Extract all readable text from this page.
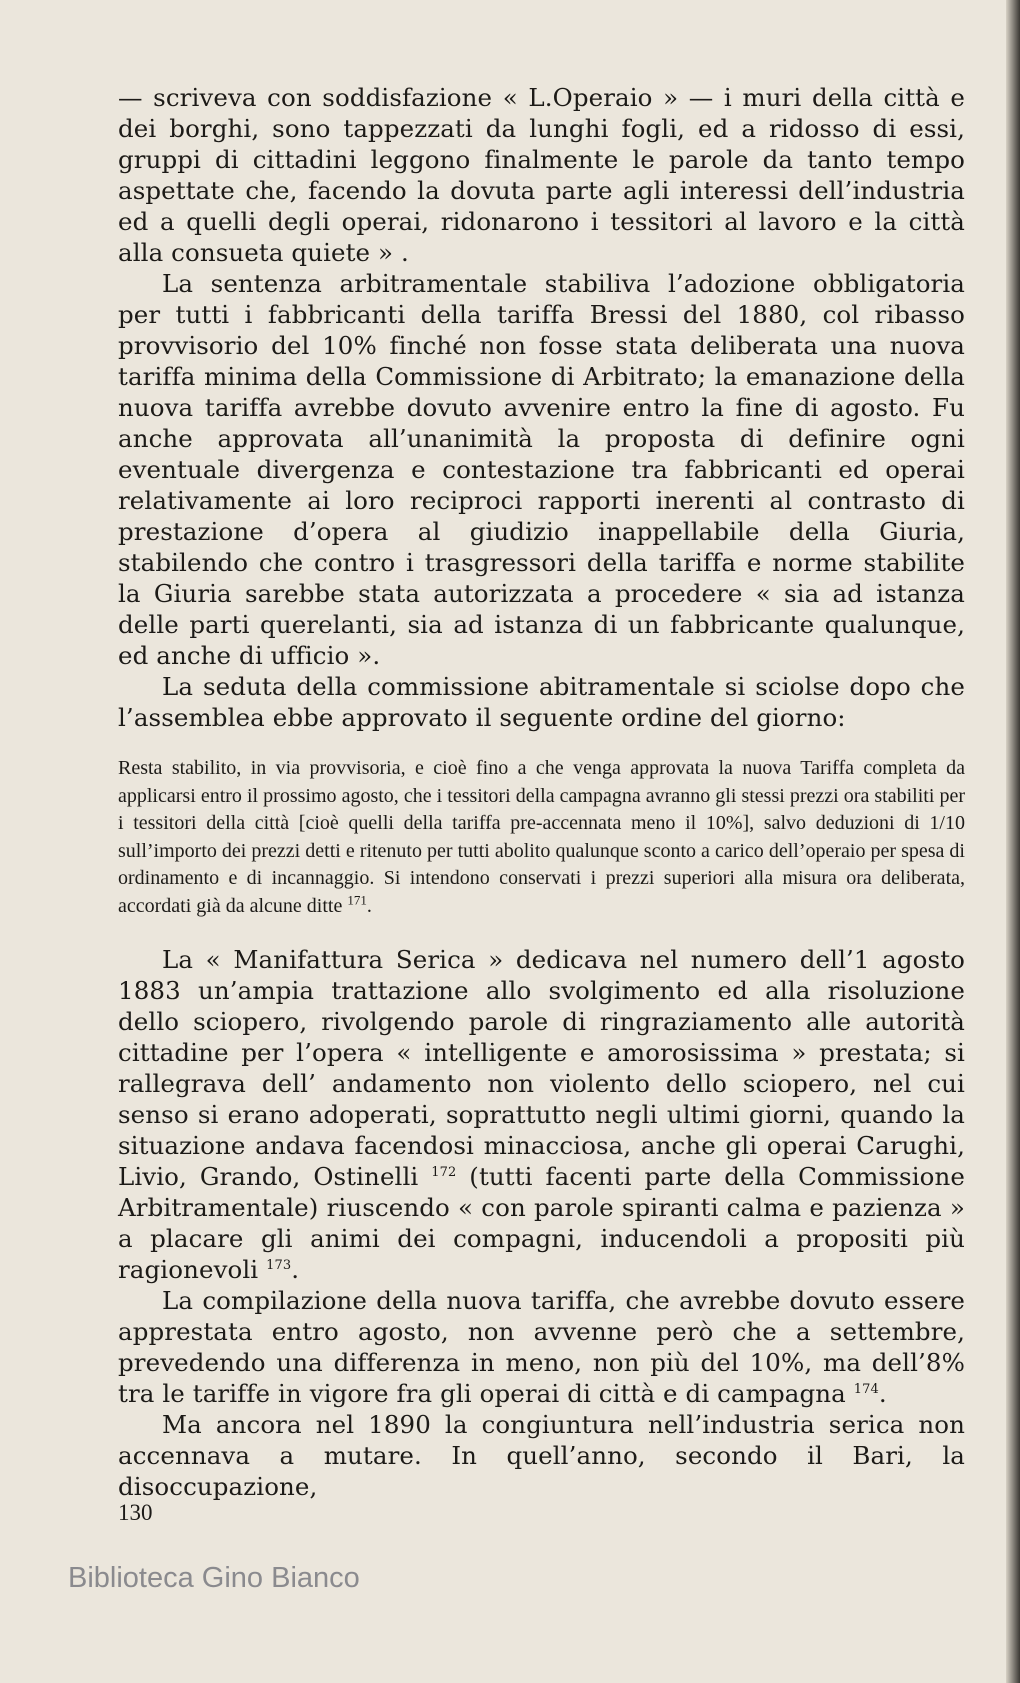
— scriveva con soddisfazione « L.Operaio » — i muri della città e dei borghi, sono tappezzati da lunghi fogli, ed a ridosso di essi, gruppi di cittadini leggono finalmente le parole da tanto tempo aspettate che, facendo la dovuta parte agli interessi dell’industria ed a quelli degli operai, ridonarono i tessitori al lavoro e la città alla consueta quiete » .

La sentenza arbitramentale stabiliva l’adozione obbligatoria per tutti i fabbricanti della tariffa Bressi del 1880, col ribasso provvisorio del 10% finché non fosse stata deliberata una nuova tariffa minima della Commissione di Arbitrato; la emanazione della nuova tariffa avrebbe dovuto avvenire entro la fine di agosto. Fu anche approvata all’unanimità la proposta di definire ogni eventuale divergenza e contestazione tra fabbricanti ed operai relativamente ai loro reciproci rapporti inerenti al contrasto di prestazione d’opera al giudizio inappellabile della Giuria, stabilendo che contro i trasgressori della tariffa e norme stabilite la Giuria sarebbe stata autorizzata a procedere « sia ad istanza delle parti querelanti, sia ad istanza di un fabbricante qualunque, ed anche di ufficio ».

La seduta della commissione abitramentale si sciolse dopo che l’assemblea ebbe approvato il seguente ordine del giorno:

Resta stabilito, in via provvisoria, e cioè fino a che venga approvata la nuova Tariffa completa da applicarsi entro il prossimo agosto, che i tessitori della campagna avranno gli stessi prezzi ora stabiliti per i tessitori della città [cioè quelli della tariffa pre-accennata meno il 10%], salvo deduzioni di 1/10 sull’importo dei prezzi detti e ritenuto per tutti abolito qualunque sconto a carico dell’operaio per spesa di ordinamento e di incannaggio. Si intendono conservati i prezzi superiori alla misura ora deliberata, accordati già da alcune ditte $^{171}$.

La « Manifattura Serica » dedicava nel numero dell’1 agosto 1883 un’ampia trattazione allo svolgimento ed alla risoluzione dello sciopero, rivolgendo parole di ringraziamento alle autorità cittadine per l’opera « intelligente e amorosissima » prestata; si rallegrava dell’ andamento non violento dello sciopero, nel cui senso si erano adoperati, soprattutto negli ultimi giorni, quando la situazione andava facendosi minacciosa, anche gli operai Carughi, Livio, Grando, Ostinelli $^{172}$ (tutti facenti parte della Commissione Arbitramentale) riuscendo « con parole spiranti calma e pazienza » a placare gli animi dei compagni, inducendoli a propositi più ragionevoli $^{173}$.

La compilazione della nuova tariffa, che avrebbe dovuto essere apprestata entro agosto, non avvenne però che a settembre, prevedendo una differenza in meno, non più del 10%, ma dell’8% tra le tariffe in vigore fra gli operai di città e di campagna $^{174}$.

Ma ancora nel 1890 la congiuntura nell’industria serica non accennava a mutare. In quell’anno, secondo il Bari, la disoccupazione,

130

Biblioteca Gino Bianco
